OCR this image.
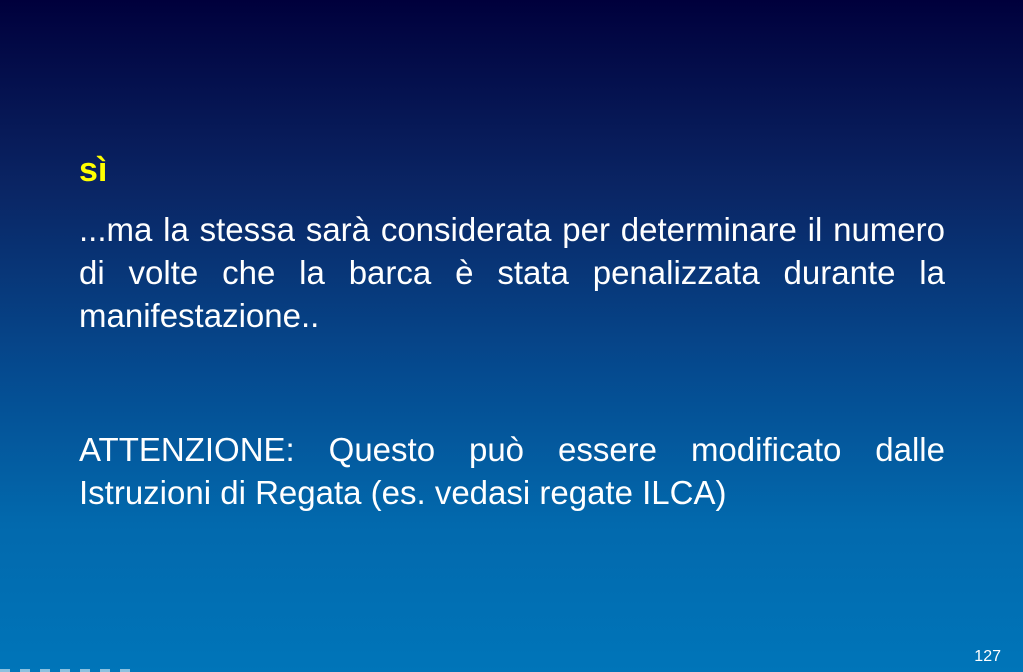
sì

...ma la stessa sarà considerata per determinare il numero di volte che la barca è stata penalizzata durante la manifestazione..

ATTENZIONE: Questo può essere modificato dalle Istruzioni di Regata (es. vedasi regate ILCA)

127
